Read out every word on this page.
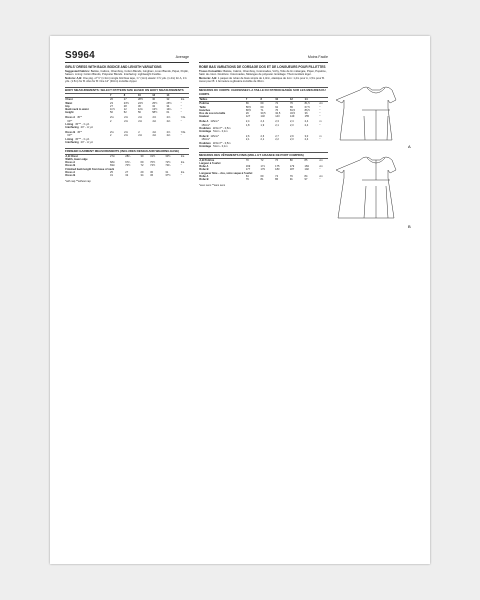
S9964	Average
GIRLS' DRESS WITH BACK BODICE AND LENGTH VARIATIONS
Suggested Fabrics: Batiste, Calicos, Chambray, Cotton Blends, Gingham, Linen Blends, Piqué, Poplin, Sateen. Lining: Cotton Blends, Polyester Blends. Interfacing: Lightweight Fusible.
Notions: A,B: One pkg. of ½" (1.3cm) single fold bias tape, ¾" (1cm) elastic: 1½ yds. (1.4m) for A, 1⅝ yds. (1.5m) for B. Also for B: One 12" (30cm) invisible zipper.
BODY MEASUREMENTS: SELECT PATTERN SIZE BASED ON BODY MEASUREMENTS
	7	8	10	12	14	
Chest	26	27	28½	30	32	Ins.
Waist	23	23½	24½	25½	26½	"
Hip	27	28	30	32	34	"
Back neck to waist	11½	12	12¾	13½	14¼	"
Height	50	52	56	58½	61	"
Dress A 45"*	2⅛	2⅛	2⅛	2⅝	2⅝	Yds.
60"*	2	2⅛	2⅛	2⅛	2⅛	"
Lining 45"** - ⅝ yd.						
Interfacing 20" - ⅛ yd.						
Dress B 45"*	2⅛	2⅛	2	2⅛	2⅝	Yds.
60"*	2	2⅛	2⅛	2⅛	2⅛	"
Lining 45"** - ⅝ yd.						
Interfacing 20" - ⅛ yd.						
FINISHED GARMENT MEASUREMENTS (INCLUDES DESIGN AND WEARING EASE)
A,B Chest	27¼	28¼	30	31½	33½	Ins.
Width, lower edge						
Dress A	68¼	67¼	69	70½	72½	Ins.
Dress B	69¼	70½	72	72½	73¼	"
Finished back length from base of neck						
Dress A	25	27	29	30	31	Ins.
Dress B	31	32	34	36	37½	"
*with nap **without nap
Moins Facile
ROBE BAS VARIATIONS DE CORSAGE DOS ET DE LONGUEURS POUR FILLETTES
Tissus Conseillés: Batiste, Calicot, Chambray, Cotonnades, Vichy, Toile de lin mélangée, Piqué, Popeline, Satin de coton. Doublure: Cotonnades, Mélanges de polyester. Entoilage: Thermocollant léger.
Mercerie: A,B: 1 paquet de ruban de biais simple de 1,3cm, élastique de 1cm: 1,4m pour A, 1,5m pour B. Aussi pour B: 1 fermeture à glissière invisible de 30cm.
MESURES DU CORPS: CHOISISSEZ LA TAILLE DU PATRON BASÉE SUR LES MESURES DU CORPS
Tailles	7	8	10	12	14	
Poitrine	66	69	72	76	81,5	cm
Taille	58,5	60	62	65	67,5	"
Hanches	68,5	71	76	81,5	86,5	"
Dos du cou à la taille	29	30,5	32,5	34,5	36	"
Hauteur	127	132	143	149	155	"
Robe A 115cm*	2,4	2,4	2,3	2,4	2,4	m
150cm*	1,8	1,9	2,1	2,3	2,4	"
Doublure 115cm** - 0,5m						
Entoilage 51cm - 0,1m						
Robe B 115cm*	2,6	2,6	2,7	2,9	3,0	m
150cm*	2,1	2,1	2,2	2,3	2,4	"
Doublure 115cm** - 0,5m						
Entoilage 51cm - 0,1m						
MESURES DES VÊTEMENTS FINIS (MOLL ET AISANCE DE PORT COMPRIS)
A,B Poitrine	70	72	76	80	85	cm
Largeur à l'ourlet						
Robe A	169	171	175	179	184	cm
Robe B	177	179	183	187	192	"
Longueur finie – dos, votre saque à l'ourlet						
Robe A	64	69	74	79	84	cm
Robe B	79	81	86	91	97	"
*avec sens **sans sens
A
B
